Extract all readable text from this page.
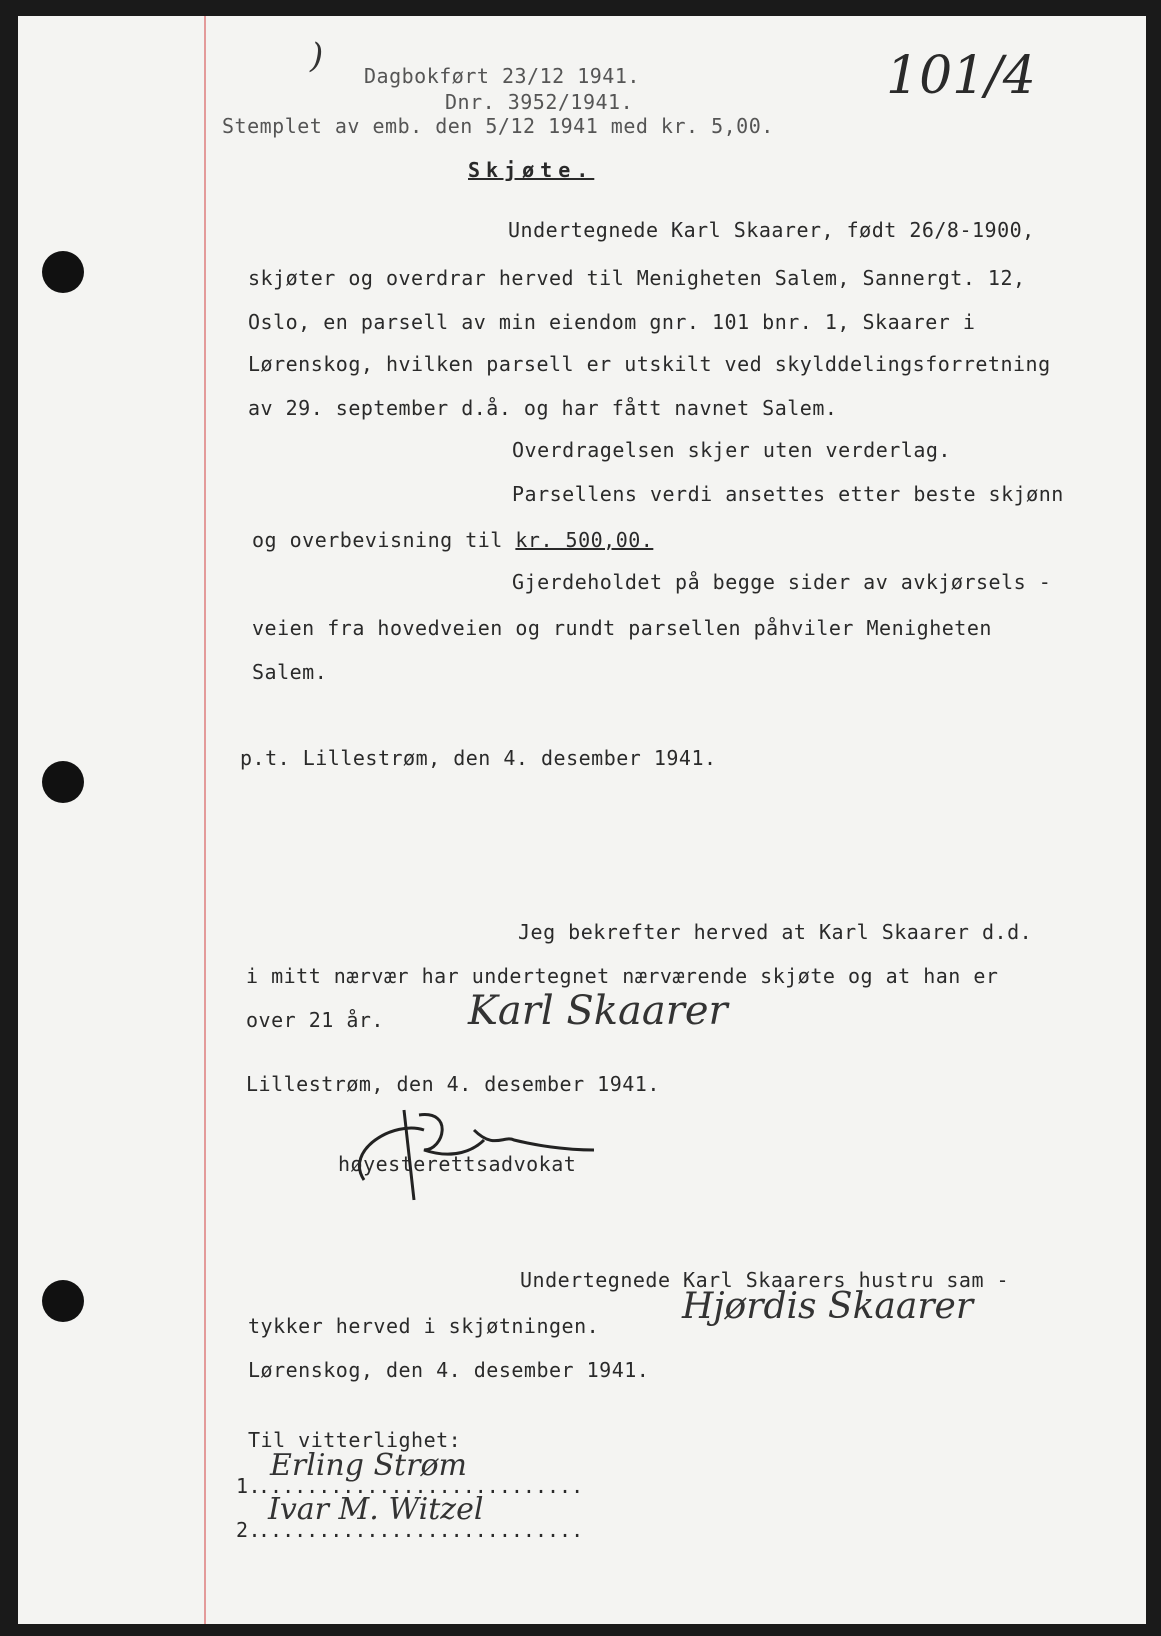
) Dagbokført 23/12 1941.
Dnr. 3952/1941.
Stemplet av emb. den 5/12 1941 med kr. 5,00.
101/4
Skjøte.
Undertegnede Karl Skaarer, født 26/8-1900,
skjøter og overdrar herved til Menigheten Salem, Sannergt. 12,
Oslo, en parsell av min eiendom gnr. 101 bnr. 1, Skaarer i
Lørenskog, hvilken parsell er utskilt ved skylddelingsforretning
av 29. september d.å. og har fått navnet Salem.
Overdragelsen skjer uten verderlag.
Parsellens verdi ansettes etter beste skjønn
og overbevisning til kr. 500,00.
Gjerdeholdet på begge sider av avkjørsels -
veien fra hovedveien og rundt parsellen påhviler Menigheten
Salem.
p.t. Lillestrøm, den 4. desember 1941.
Jeg bekrefter herved at Karl Skaarer d.d.
i mitt nærvær har undertegnet nærværende skjøte og at han er
over 21 år. Karl Skaarer
Lillestrøm, den 4. desember 1941.
høyesterettsadvokat
Undertegnede Karl Skaarers hustru sam -
tykker herved i skjøtningen. Hjørdis Skaarer
Lørenskog, den 4. desember 1941.
Til vitterlighet:
1.
...........................
Erling Strøm
2.
...........................
Ivar M. Witzel
